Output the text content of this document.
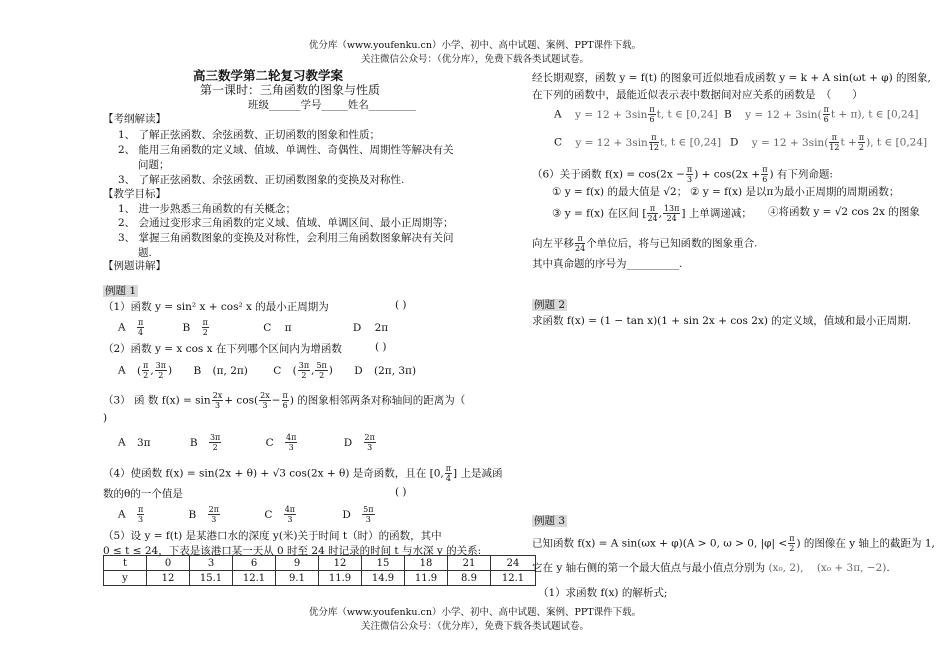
优分库（www.youfenku.cn）小学、初中、高中试题、案例、PPT课件下载。
关注微信公众号：（优分库），免费下载各类试题试卷。
高三数学第二轮复习教学案
第一课时：三角函数的图象与性质
班级______学号_____姓名_________
【考纲解读】
1、 了解正弦函数、余弦函数、正切函数的图象和性质；
2、 能用三角函数的定义域、值域、单调性、奇偶性、周期性等解决有关
问题；
3、 了解正弦函数、余弦函数、正切函数图象的变换及对称性.
【教学目标】
1、 进一步熟悉三角函数的有关概念；
2、 会通过变形求三角函数的定义域、值域、单调区间、最小正周期等；
3、 掌握三角函数图象的变换及对称性，会利用三角函数图象解决有关问
题.
【例题讲解】
例题 1
（1）函数 y = sin² x + cos² x 的最小正周期为	( )
A $\frac{\pi}{4}$	B $\frac{\pi}{2}$	C π	D 2π
（2）函数 y = x cos x 在下列哪个区间内为增函数	( )
A ( $\frac{\pi}{2}$ , $\frac{3\pi}{2}$ ) B (π, 2π) C ( $\frac{3\pi}{2}$ , $\frac{5\pi}{2}$ ) D (2π, 3π)
（3） 函 数 $f(x) = \sin \frac{2x}{3} + \cos( \frac{2x}{3} - \frac{\pi}{6}$ ) 的图象相邻两条对称轴间的距离为（
)
A 3π	B $\frac{3\pi}{2}$	C $\frac{4\pi}{3}$	D $\frac{2\pi}{3}$
（4）使函数 f(x) = sin(2x + θ) + √3 cos(2x + θ) 是奇函数，且在 [0, $\frac{\pi}{4}$ ] 上是减函
数的θ的一个值是	( )
A $\frac{\pi}{3}$	B $\frac{2\pi}{3}$	C $\frac{4\pi}{3}$	D $\frac{5\pi}{3}$
（5）设 y = f(t) 是某港口水的深度 y(米)关于时间 t（时）的函数，其中
0 ≤ t ≤ 24，下表是该港口某一天从 0 时至 24 时记录的时间 t 与水深 y 的关系:
t	0	3	6	9	12	15	18	21	24
y	12	15.1	12.1	9.1	11.9	14.9	11.9	8.9	12.1
经长期观察，函数 y = f(t) 的图象可近似地看成函数 y = k + A sin(ωt + φ) 的图象,
在下列的函数中，最能近似表示表中数据间对应关系的函数是　（　　）
A $y = 12 + 3\sin \frac{\pi}{6} t$, t ∈ [0,24] B $y = 12 + 3\sin( \frac{\pi}{6}$ t + π), t ∈ [0,24]
C $y = 12 + 3\sin \frac{\pi}{12} t$, t ∈ [0,24] D $y = 12 + 3\sin( \frac{\pi}{12}$ $t + \frac{\pi}{2}$ ), t ∈ [0,24]
（6）关于函数 $f(x) = \cos(2x - \frac{\pi}{3}$ ) + $\cos(2x + \frac{\pi}{6}$ ) 有下列命题:
① y = f(x) 的最大值是 √2； ② y = f(x) 是以π为最小正周期的周期函数；
③ y = f(x) 在区间 [ $\frac{\pi}{24}$ , $\frac{13\pi}{24}$ ] 上单调递减； ④将函数 y = √2 cos 2x 的图象
向左平移 $\frac{\pi}{24}$ 个单位后，将与已知函数的图象重合.
其中真命题的序号为__________.
例题 2
求函数 f(x) = (1 − tan x)(1 + sin 2x + cos 2x) 的定义域，值域和最小正周期.
例题 3
已知函数 f(x) = A sin(ωx + φ)(A > 0, ω > 0, $|\varphi| < \frac{\pi}{2}$ ) 的图像在 y 轴上的截距为 1,
它在 y 轴右侧的第一个最大值点与最小值点分别为 (x₀, 2), (x₀ + 3π, −2).
（1）求函数 f(x) 的解析式;
优分库（www.youfenku.cn）小学、初中、高中试题、案例、PPT课件下载。
关注微信公众号：（优分库），免费下载各类试题试卷。
